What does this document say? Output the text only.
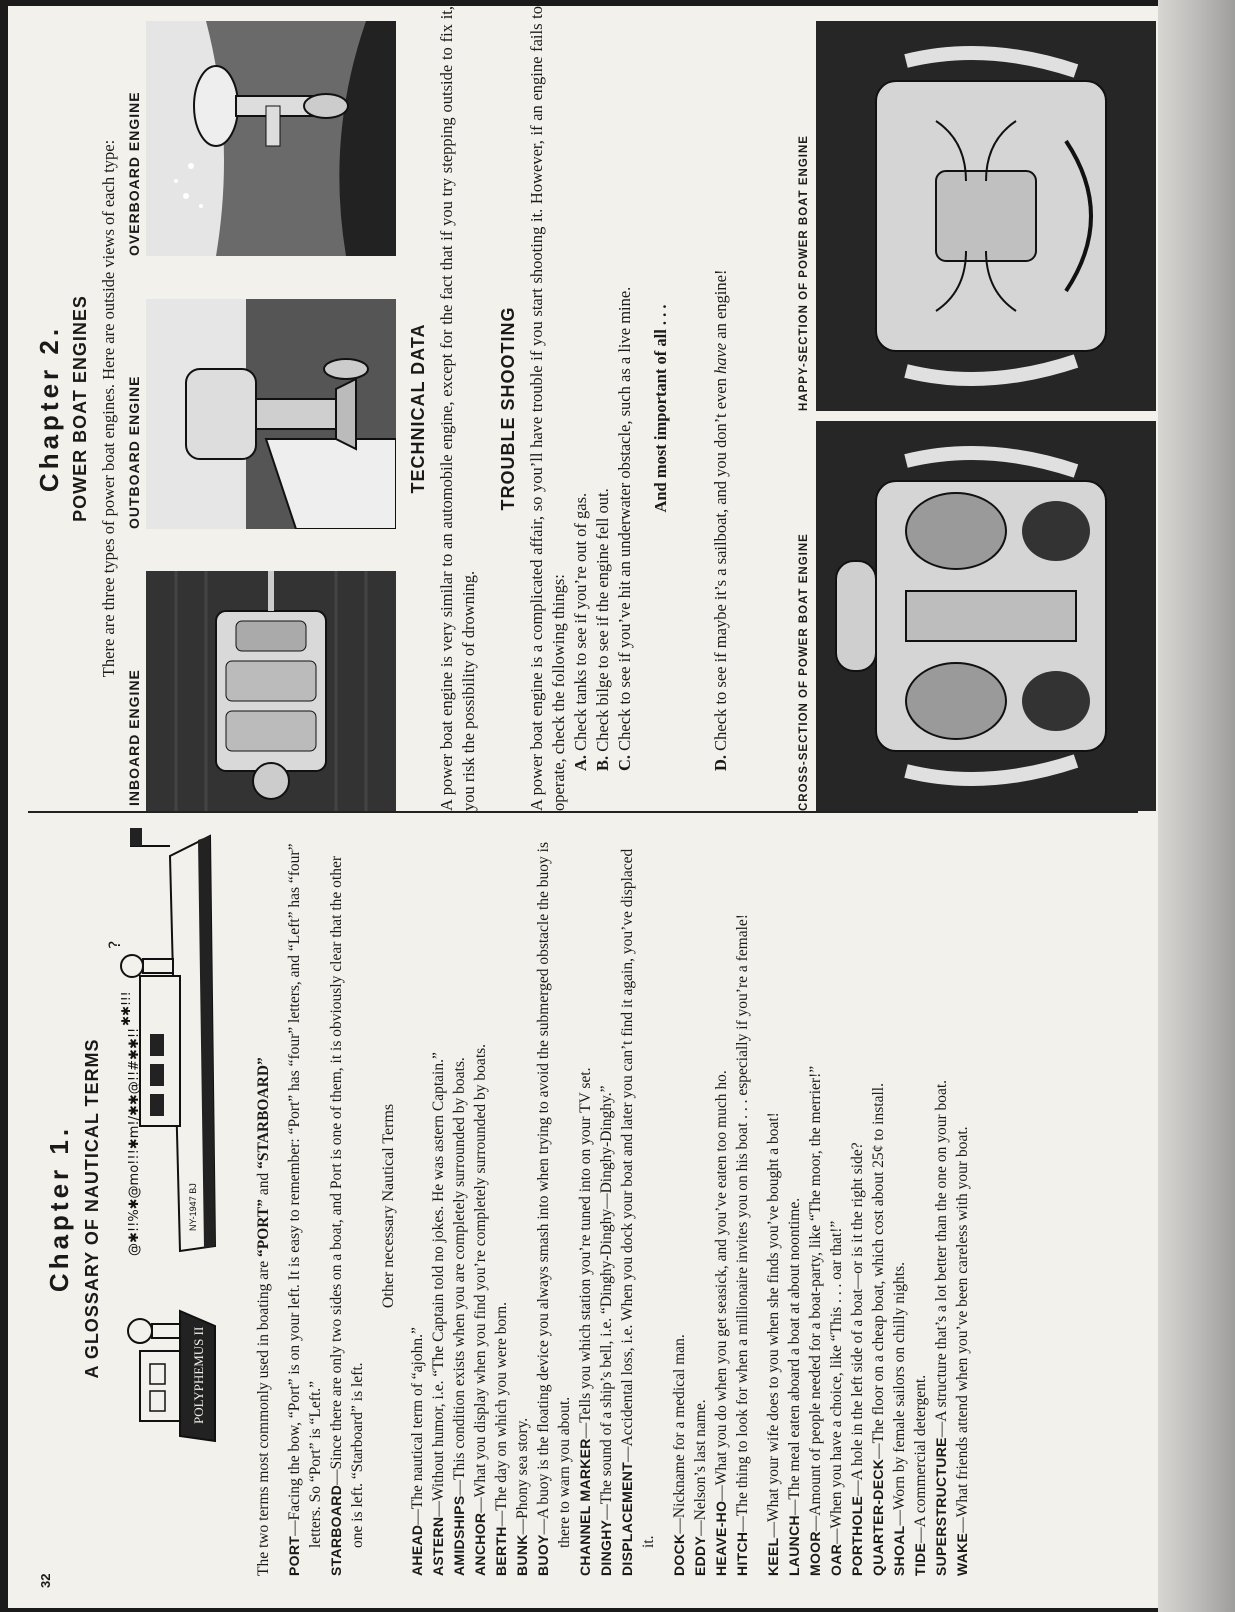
32
Chapter 1. A GLOSSARY OF NAUTICAL TERMS	POLYPHEMUS II
NY-1947 BJ
@✱!!%✱@mo!!!✱m!/✱✱@!!#✱✱!!
?
✱✱!!!

The two terms most commonly used in boating are “PORT” and “STARBOARD”

PORT—Facing the bow, “Port” is on your left. It is easy to remember: “Port” has “four” letters, and “Left” has “four” letters. So “Port” is “Left.” STARBOARD—Since there are only two sides on a boat, and Port is one of them, it is obviously clear that the other one is left. “Starboard” is left.

Other necessary Nautical Terms

AHEAD—The nautical term of “ajohn.”

ASTERN—Without humor, i.e. “The Captain told no jokes. He was astern Captain.”

AMIDSHIPS—This condition exists when you are completely surrounded by boats.

ANCHOR—What you display when you find you’re completely surrounded by boats.

BERTH—The day on which you were born.

BUNK—Phony sea story.

BUOY—A buoy is the floating device you always smash into when trying to avoid the submerged obstacle the buoy is there to warn you about. CHANNEL MARKER—Tells you which station you’re tuned into on your TV set.

DINGHY—The sound of a ship’s bell, i.e. “Dinghy-Dinghy—Dinghy-Dinghy.” DISPLACEMENT—Accidental loss, i.e. When you dock your boat and later you can’t find it again, you’ve displaced it. DOCK—Nickname for a medical man.

EDDY—Nelson’s last name.

HEAVE-HO—What you do when you get seasick, and you’ve eaten too much ho.

HITCH—The thing to look for when a millionaire invites you on his boat . . . especially if you’re a female!

KEEL—What your wife does to you when she finds you’ve bought a boat!

LAUNCH—The meal eaten aboard a boat at about noontime.

MOOR—Amount of people needed for a boat-party, like “The moor, the merrier!”

OAR—When you have a choice, like “This . . . oar that!” PORTHOLE—A hole in the left side of a boat—or is it the right side?

QUARTER-DECK—The floor on a cheap boat, which cost about 25¢ to install.

SHOAL—Worn by female sailors on chilly nights.

TIDE—A commercial detergent. SUPERSTRUCTURE—A structure that’s a lot better than the one on your boat.

WAKE—What friends attend when you’ve been careless with your boat.

Chapter 2. POWER BOAT ENGINES There are three types of power boat engines. Here are outside views of each type:
INBOARD ENGINE
OUTBOARD ENGINE
OVERBOARD ENGINE
TECHNICAL DATA A power boat engine is very similar to an automobile engine, except for the fact that if you try stepping outside to fix it, you risk the possibility of drowning.
TROUBLE SHOOTING A power boat engine is a complicated affair, so you’ll have trouble if you start shooting it. However, if an engine fails to operate, check the following things: A. Check tanks to see if you’re out of gas.

B. Check bilge to see if the engine fell out.

C. Check to see if you’ve hit an underwater obstacle, such as a live mine. And most important of all . . .

D. Check to see if maybe it’s a sailboat, and you don’t even have an engine!

CROSS-SECTION OF POWER BOAT ENGINE
HAPPY-SECTION OF POWER BOAT ENGINE
